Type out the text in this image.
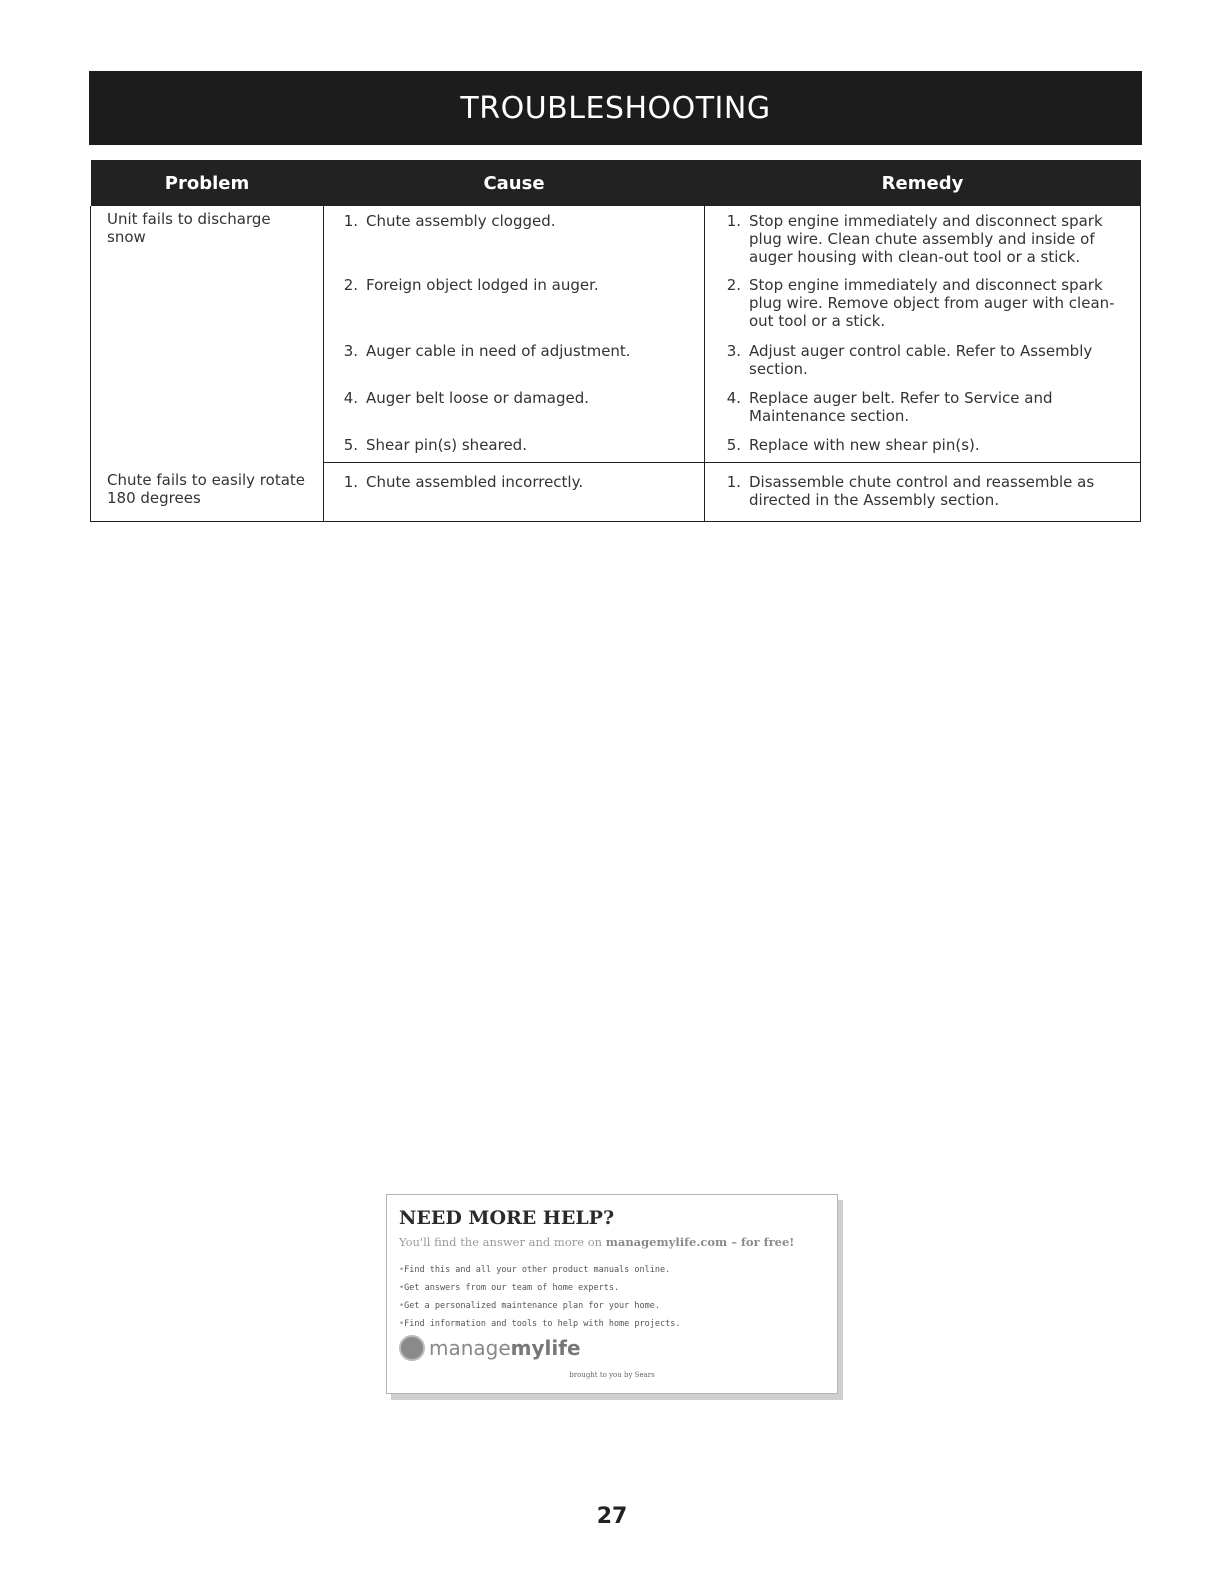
TROUBLESHOOTING
Problem	Cause	Remedy
Unit fails to discharge snow	1. Chute assembly clogged.	1. Stop engine immediately and disconnect spark plug wire. Clean chute assembly and inside of auger housing with clean-out tool or a stick.

	2. Foreign object lodged in auger.	2. Stop engine immediately and disconnect spark plug wire. Remove object from auger with clean-out tool or a stick.

	3. Auger cable in need of adjustment.	3. Adjust auger control cable. Refer to Assembly section.

	4. Auger belt loose or damaged.	4. Replace auger belt. Refer to Service and Maintenance section.

	5. Shear pin(s) sheared.	5. Replace with new shear pin(s).

Chute fails to easily rotate 180 degrees	1. Chute assembled incorrectly.	1. Disassemble chute control and reassemble as directed in the Assembly section.
NEED MORE HELP?
You'll find the answer and more on managemylife.com – for free!
• Find this and all your other product manuals online.
• Get answers from our team of home experts.
• Get a personalized maintenance plan for your home.
• Find information and tools to help with home projects.
managemylife
brought to you by Sears
27
